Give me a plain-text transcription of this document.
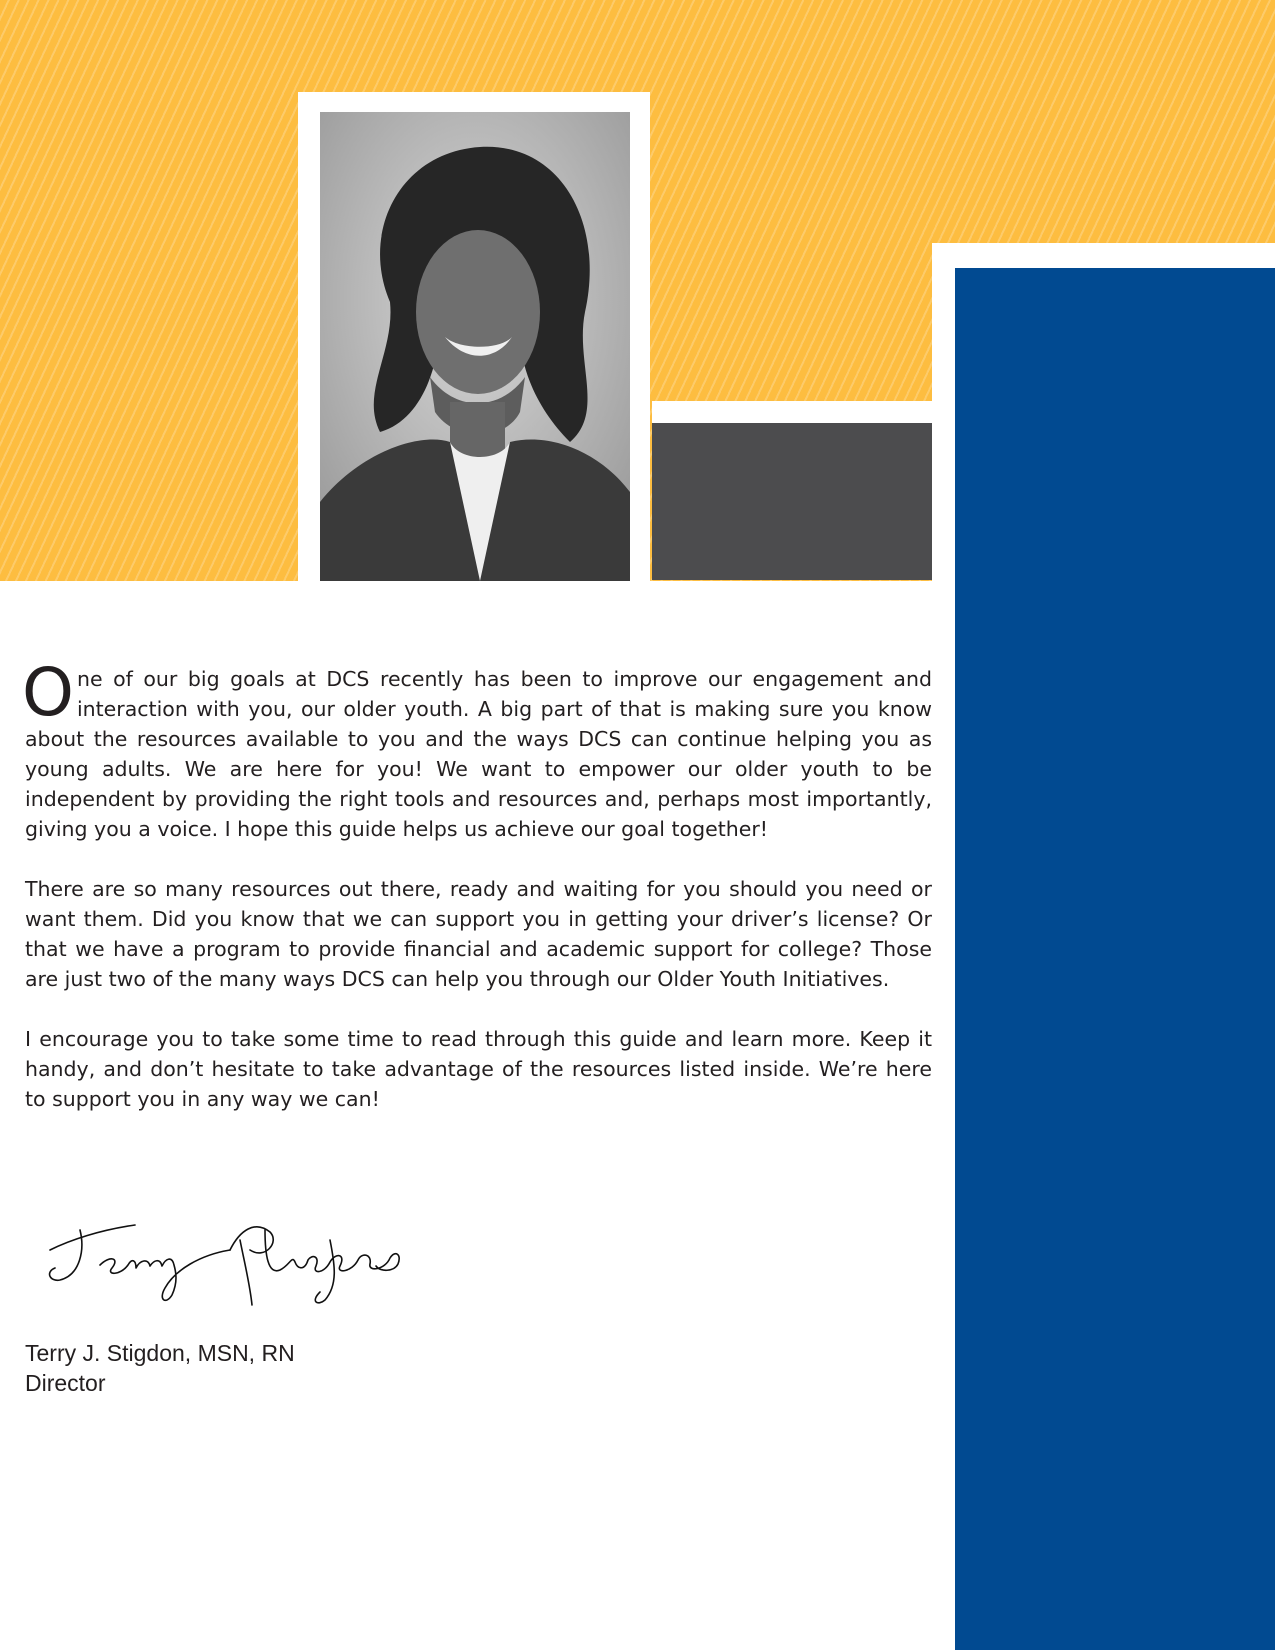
One of our big goals at DCS recently has been to improve our engagement and interaction with you, our older youth. A big part of that is making sure you know about the resources available to you and the ways DCS can continue helping you as young adults. We are here for you! We want to empower our older youth to be independent by providing the right tools and resources and, perhaps most importantly, giving you a voice. I hope this guide helps us achieve our goal together!

There are so many resources out there, ready and waiting for you should you need or want them. Did you know that we can support you in getting your driver’s license? Or that we have a program to provide financial and academic support for college? Those are just two of the many ways DCS can help you through our Older Youth Initiatives.

I encourage you to take some time to read through this guide and learn more. Keep it handy, and don’t hesitate to take advantage of the resources listed inside. We’re here to support you in any way we can!

Terry J. Stigdon, MSN, RN
Director
